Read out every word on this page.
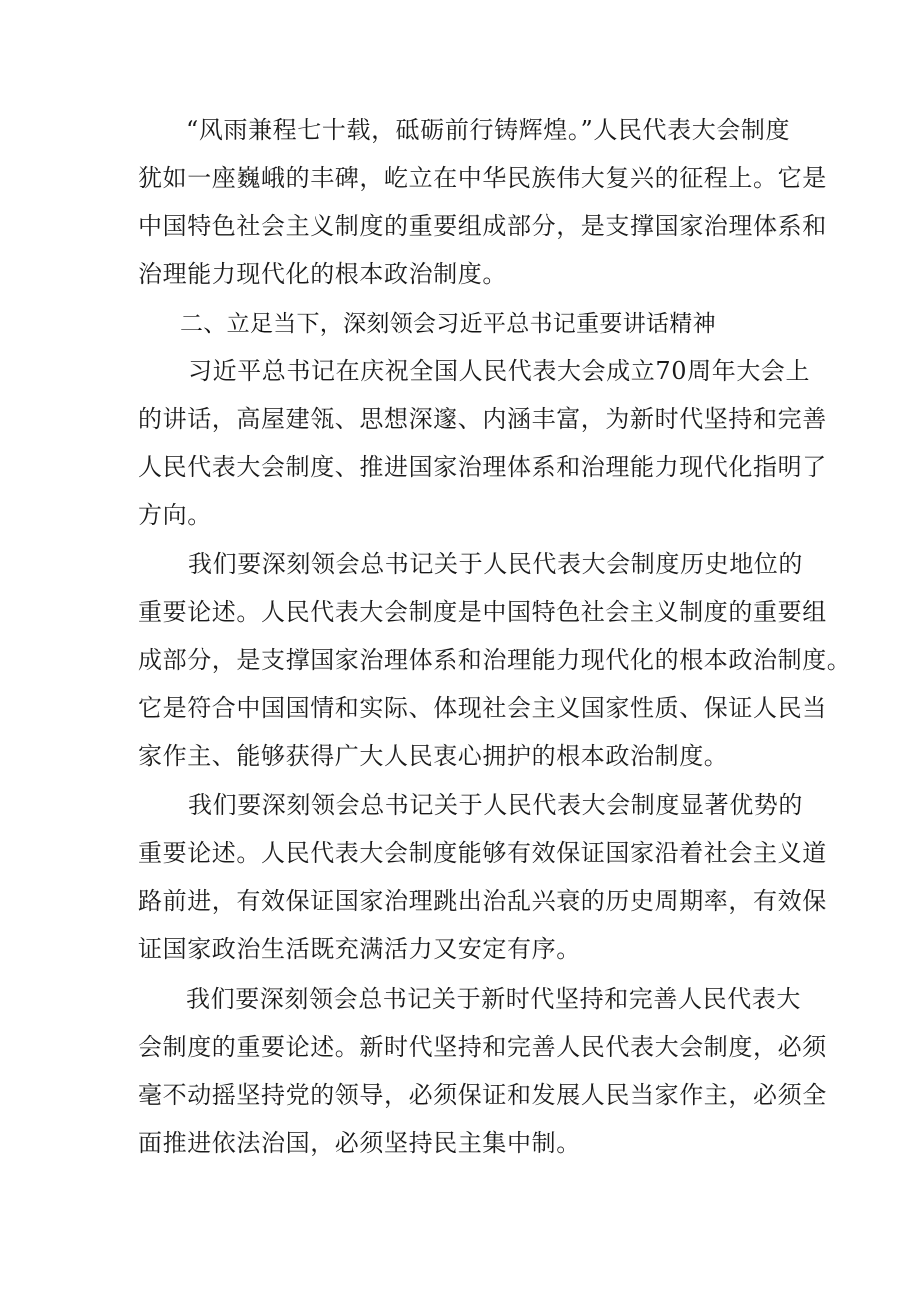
“风雨兼程七十载，砥砺前行铸辉煌。”人民代表大会制度
犹如一座巍峨的丰碑，屹立在中华民族伟大复兴的征程上。它是
中国特色社会主义制度的重要组成部分，是支撑国家治理体系和
治理能力现代化的根本政治制度。
二、立足当下，深刻领会习近平总书记重要讲话精神
习近平总书记在庆祝全国人民代表大会成立70周年大会上
的讲话，高屋建瓴、思想深邃、内涵丰富，为新时代坚持和完善
人民代表大会制度、推进国家治理体系和治理能力现代化指明了
方向。
我们要深刻领会总书记关于人民代表大会制度历史地位的
重要论述。人民代表大会制度是中国特色社会主义制度的重要组
成部分，是支撑国家治理体系和治理能力现代化的根本政治制度。
它是符合中国国情和实际、体现社会主义国家性质、保证人民当
家作主、能够获得广大人民衷心拥护的根本政治制度。
我们要深刻领会总书记关于人民代表大会制度显著优势的
重要论述。人民代表大会制度能够有效保证国家沿着社会主义道
路前进，有效保证国家治理跳出治乱兴衰的历史周期率，有效保
证国家政治生活既充满活力又安定有序。
我们要深刻领会总书记关于新时代坚持和完善人民代表大
会制度的重要论述。新时代坚持和完善人民代表大会制度，必须
毫不动摇坚持党的领导，必须保证和发展人民当家作主，必须全
面推进依法治国，必须坚持民主集中制。
